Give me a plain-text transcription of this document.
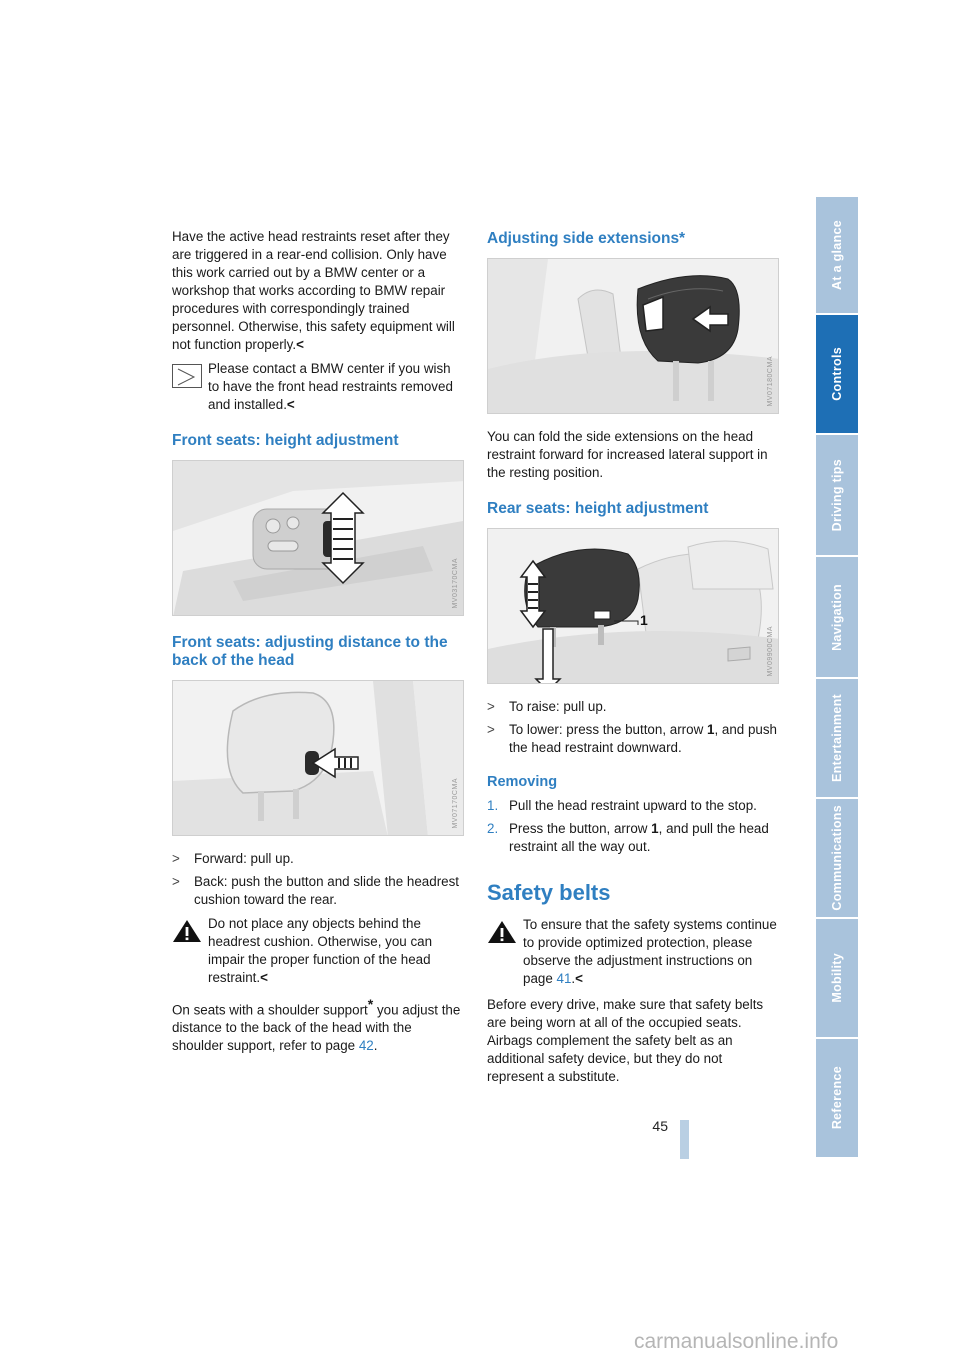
Have the active head restraints reset after they are triggered in a rear-end collision. Only have this work carried out by a BMW center or a workshop that works according to BMW repair procedures with correspondingly trained personnel. Otherwise, this safety equipment will not function properly.<

Please contact a BMW center if you wish to have the front head restraints removed and installed.<
Front seats: height adjustment
MV03170CMA
Front seats: adjusting distance to the back of the head
MV07170CMA
> Forward: pull up.
> Back: push the button and slide the headrest cushion toward the rear.
Do not place any objects behind the headrest cushion. Otherwise, you can impair the proper function of the head restraint.<

On seats with a shoulder support* you adjust the distance to the back of the head with the shoulder support, refer to page 42.

Adjusting side extensions*
MV07180CMA

You can fold the side extensions on the head restraint forward for increased lateral support in the resting position.

Rear seats: height adjustment
1
MV09900CMA
> To raise: pull up.
> To lower: press the button, arrow 1, and push the head restraint downward.
Removing
1. Pull the head restraint upward to the stop.
2. Press the button, arrow 1, and pull the head restraint all the way out.
Safety belts
To ensure that the safety systems continue to provide optimized protection, please observe the adjustment instructions on page 41.<

Before every drive, make sure that safety belts are being worn at all of the occupied seats. Airbags complement the safety belt as an additional safety device, but they do not represent a substitute.

At a glance
Controls
Driving tips
Navigation
Entertainment
Communications
Mobility
Reference
45
carmanualsonline.info
